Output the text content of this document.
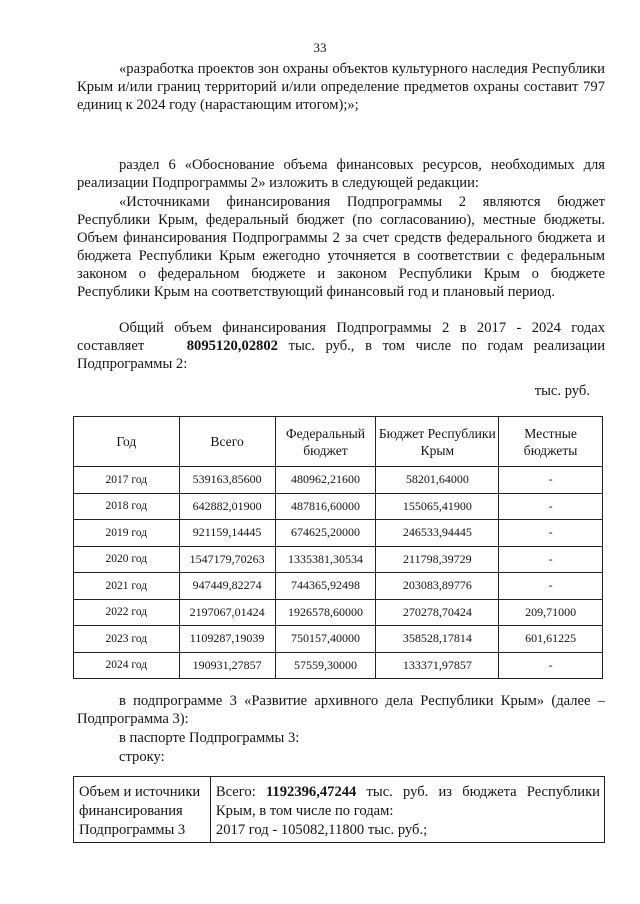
33

«разработка проектов зон охраны объектов культурного наследия Республики Крым и/или границ территорий и/или определение предметов охраны составит 797 единиц к 2024 году (нарастающим итогом);»;

раздел 6 «Обоснование объема финансовых ресурсов, необходимых для реализации Подпрограммы 2» изложить в следующей редакции:

«Источниками финансирования Подпрограммы 2 являются бюджет Республики Крым, федеральный бюджет (по согласованию), местные бюджеты. Объем финансирования Подпрограммы 2 за счет средств федерального бюджета и бюджета Республики Крым ежегодно уточняется в соответствии с федеральным законом о федеральном бюджете и законом Республики Крым о бюджете Республики Крым на соответствующий финансовый год и плановый период.

Общий объем финансирования Подпрограммы 2 в 2017 - 2024 годах составляет	8095120,02802 тыс. руб., в том числе по годам реализации Подпрограммы 2:

тыс. руб.
Год	Всего	Федеральный бюджет	Бюджет Республики Крым	Местные бюджеты
2017 год	539163,85600	480962,21600	58201,64000	-
2018 год	642882,01900	487816,60000	155065,41900	-
2019 год	921159,14445	674625,20000	246533,94445	-
2020 год	1547179,70263	1335381,30534	211798,39729	-
2021 год	947449,82274	744365,92498	203083,89776	-
2022 год	2197067,01424	1926578,60000	270278,70424	209,71000
2023 год	1109287,19039	750157,40000	358528,17814	601,61225
2024 год	190931,27857	57559,30000	133371,97857	-

в подпрограмме 3 «Развитие архивного дела Республики Крым» (далее – Подпрограмма 3):

в паспорте Подпрограммы 3:

строку:

Объем и источники финансирования Подпрограммы 3	Всего: 1192396,47244 тыс. руб. из бюджета Республики Крым, в том числе по годам:
2017 год - 105082,11800 тыс. руб.;
